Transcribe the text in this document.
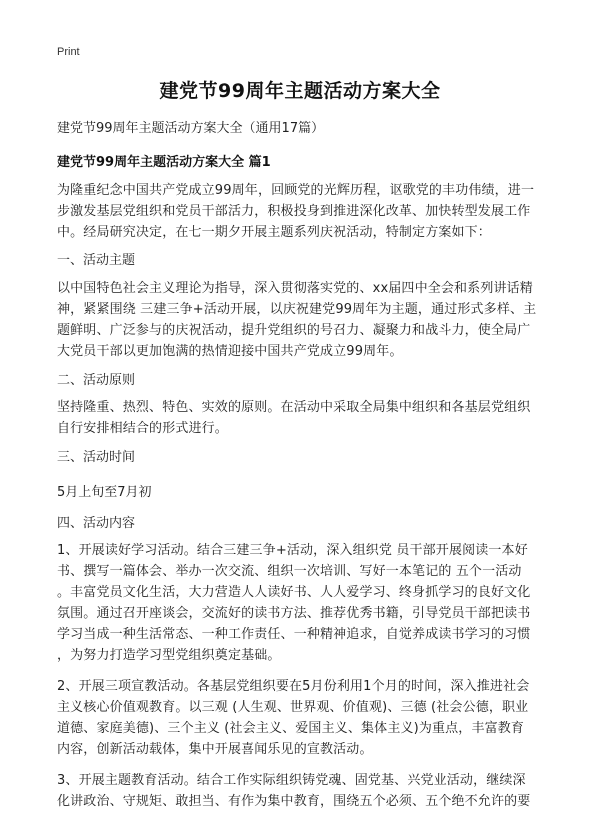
Print
建党节99周年主题活动方案大全
建党节99周年主题活动方案大全（通用17篇）
建党节99周年主题活动方案大全 篇1
为隆重纪念中国共产党成立99周年，回顾党的光辉历程，讴歌党的丰功伟绩，进一
步激发基层党组织和党员干部活力，积极投身到推进深化改革、加快转型发展工作
中。经局研究决定，在七一期夕开展主题系列庆祝活动，特制定方案如下：
一、活动主题
以中国特色社会主义理论为指导，深入贯彻落实党的、xx届四中全会和系列讲话精
神，紧紧围绕 三建三争+活动开展，以庆祝建党99周年为主题，通过形式多样、主
题鲜明、广泛参与的庆祝活动，提升党组织的号召力、凝聚力和战斗力，使全局广
大党员干部以更加饱满的热情迎接中国共产党成立99周年。
二、活动原则
坚持隆重、热烈、特色、实效的原则。在活动中采取全局集中组织和各基层党组织
自行安排相结合的形式进行。
三、活动时间
5月上旬至7月初
四、活动内容
1、开展读好学习活动。结合三建三争+活动，深入组织党 员干部开展阅读一本好
书、撰写一篇体会、举办一次交流、组织一次培训、写好一本笔记的 五个一活动
。丰富党员文化生活，大力营造人人读好书、人人爱学习、终身抓学习的良好文化
氛围。通过召开座谈会，交流好的读书方法、推荐优秀书籍，引导党员干部把读书
学习当成一种生活常态、一种工作责任、一种精神追求，自觉养成读书学习的习惯
，为努力打造学习型党组织奠定基础。
2、开展三项宣教活动。各基层党组织要在5月份利用1个月的时间，深入推进社会
主义核心价值观教育。以三观 (人生观、世界观、价值观)、三德 (社会公德，职业
道德、家庭美德)、三个主义 (社会主义、爱国主义、集体主义)为重点，丰富教育
内容，创新活动载体，集中开展喜闻乐见的宣教活动。
3、开展主题教育活动。结合工作实际组织铸党魂、固党基、兴党业活动，继续深
化讲政治、守规矩、敢担当、有作为集中教育，围绕五个必须、五个绝不允许的要
